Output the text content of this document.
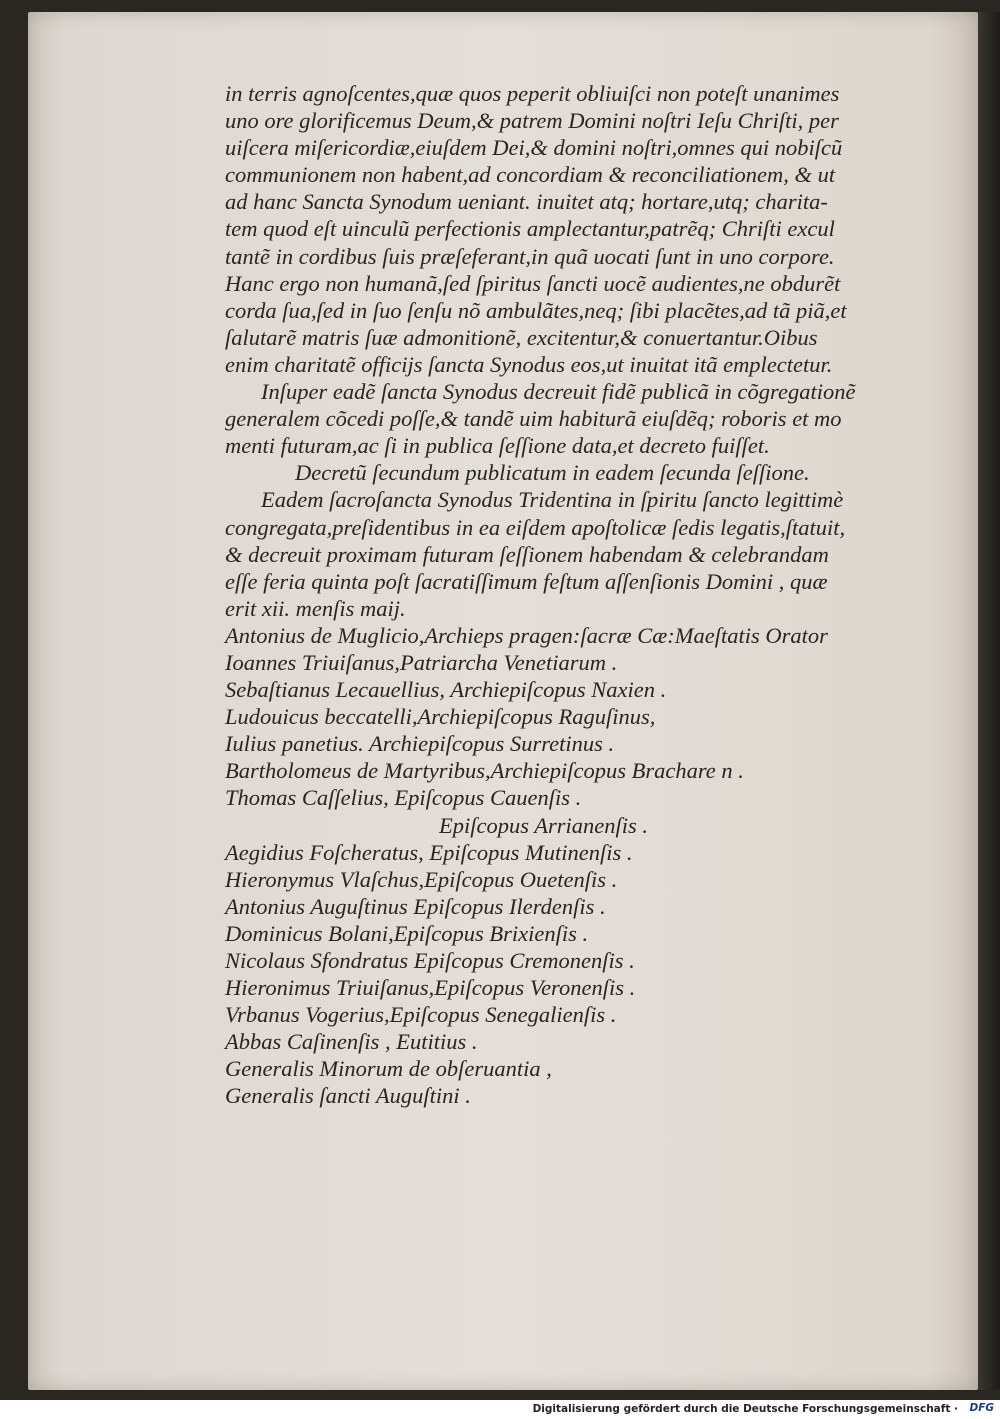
in terris agnoſcentes,quæ quos peperit obliuiſci non poteſt unanimes
uno ore glorificemus Deum,& patrem Domini noſtri Ieſu Chriſti, per
uiſcera miſericordiæ,eiuſdem Dei,& domini noſtri,omnes qui nobiſcũ
communionem non habent,ad concordiam & reconciliationem, & ut
ad hanc Sancta Synodum ueniant. inuitet atq; hortare,utq; charita-
tem quod eſt uinculũ perfectionis amplectantur,patrẽq; Chriſti excul
tantẽ in cordibus ſuis præſeferant,in quã uocati ſunt in uno corpore.
Hanc ergo non humanã,ſed ſpiritus ſancti uocẽ audientes,ne obdurẽt
corda ſua,ſed in ſuo ſenſu nõ ambulãtes,neq; ſibi placẽtes,ad tã piã,et
ſalutarẽ matris ſuæ admonitionẽ, excitentur,& conuertantur.Oibus
enim charitatẽ officijs ſancta Synodus eos,ut inuitat itã emplectetur.
Inſuper eadẽ ſancta Synodus decreuit fidẽ publicã in cõgregationẽ
generalem cõcedi poſſe,& tandẽ uim habiturã eiuſdẽq; roboris et mo
menti futuram,ac ſi in publica ſeſſione data,et decreto fuiſſet.
Decretũ ſecundum publicatum in eadem ſecunda ſeſſione.
Eadem ſacroſancta Synodus Tridentina in ſpiritu ſancto legittimè
congregata,preſidentibus in ea eiſdem apoſtolicæ ſedis legatis,ſtatuit,
& decreuit proximam futuram ſeſſionem habendam & celebrandam
eſſe feria quinta poſt ſacratiſſimum feſtum aſſenſionis Domini , quæ
erit xii. menſis maij.
Antonius de Muglicio,Archieps pragen:ſacræ Cæ:Maeſtatis Orator
Ioannes Triuiſanus,Patriarcha Venetiarum .
Sebaſtianus Lecauellius, Archiepiſcopus Naxien .
Ludouicus beccatelli,Archiepiſcopus Raguſinus,
Iulius panetius. Archiepiſcopus Surretinus .
Bartholomeus de Martyribus,Archiepiſcopus Brachare n .
Thomas Caſſelius, Epiſcopus Cauenſis .
Epiſcopus Arrianenſis .
Aegidius Foſcheratus, Epiſcopus Mutinenſis .
Hieronymus Vlaſchus,Epiſcopus Ouetenſis .
Antonius Auguſtinus Epiſcopus Ilerdenſis .
Dominicus Bolani,Epiſcopus Brixienſis .
Nicolaus Sfondratus Epiſcopus Cremonenſis .
Hieronimus Triuiſanus,Epiſcopus Veronenſis .
Vrbanus Vogerius,Epiſcopus Senegalienſis .
Abbas Caſinenſis , Eutitius .
Generalis Minorum de obſeruantia ,
Generalis ſancti Auguſtini .
Digitalisierung gefördert durch die Deutsche Forschungsgemeinschaft · DFG
